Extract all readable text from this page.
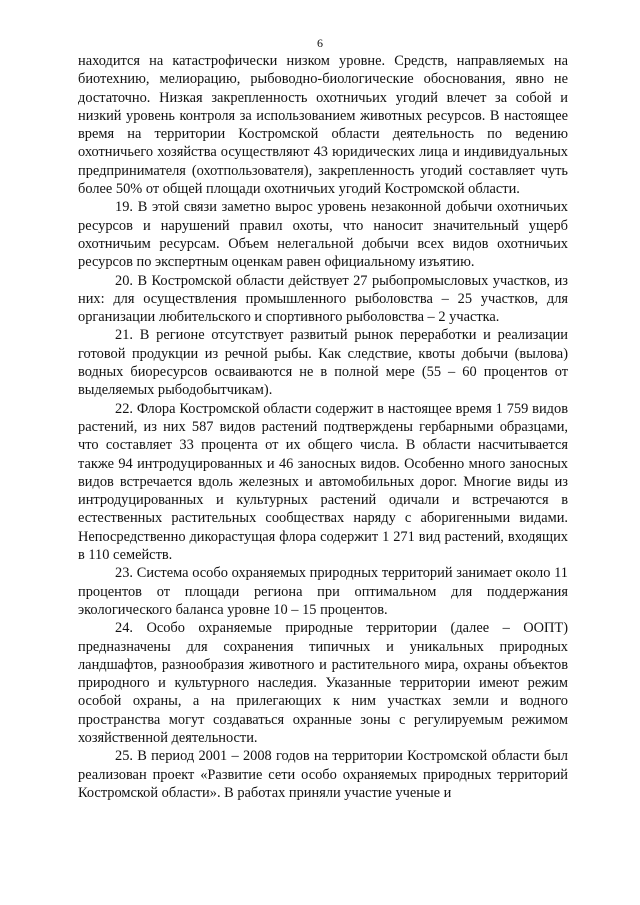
6

находится на катастрофически низком уровне. Средств, направляемых на биотехнию, мелиорацию, рыбоводно-биологические обоснования, явно не достаточно. Низкая закрепленность охотничьих угодий влечет за собой и низкий уровень контроля за использованием животных ресурсов. В настоящее время на территории Костромской области деятельность по ведению охотничьего хозяйства осуществляют 43 юридических лица и индивидуальных предпринимателя (охотпользователя), закрепленность угодий составляет чуть более 50% от общей площади охотничьих угодий Костромской области.

19. В этой связи заметно вырос уровень незаконной добычи охотничьих ресурсов и нарушений правил охоты, что наносит значительный ущерб охотничьим ресурсам. Объем нелегальной добычи всех видов охотничьих ресурсов по экспертным оценкам равен официальному изъятию.

20. В Костромской области действует 27 рыбопромысловых участков, из них: для осуществления промышленного рыболовства – 25 участков, для организации любительского и спортивного рыболовства – 2 участка.

21. В регионе отсутствует развитый рынок переработки и реализации готовой продукции из речной рыбы. Как следствие, квоты добычи (вылова) водных биоресурсов осваиваются не в полной мере (55 – 60 процентов от выделяемых рыбодобытчикам).

22. Флора Костромской области содержит в настоящее время 1 759 видов растений, из них 587 видов растений подтверждены гербарными образцами, что составляет 33 процента от их общего числа. В области насчитывается также 94 интродуцированных и 46 заносных видов. Особенно много заносных видов встречается вдоль железных и автомобильных дорог. Многие виды из интродуцированных и культурных растений одичали и встречаются в естественных растительных сообществах наряду с аборигенными видами. Непосредственно дикорастущая флора содержит 1 271 вид растений, входящих в 110 семейств.

23. Система особо охраняемых природных территорий занимает около 11 процентов от площади региона при оптимальном для поддержания экологического баланса уровне 10 – 15 процентов.

24. Особо охраняемые природные территории (далее – ООПТ) предназначены для сохранения типичных и уникальных природных ландшафтов, разнообразия животного и растительного мира, охраны объектов природного и культурного наследия. Указанные территории имеют режим особой охраны, а на прилегающих к ним участках земли и водного пространства могут создаваться охранные зоны с регулируемым режимом хозяйственной деятельности.

25. В период 2001 – 2008 годов на территории Костромской области был реализован проект «Развитие сети особо охраняемых природных территорий Костромской области». В работах приняли участие ученые и
